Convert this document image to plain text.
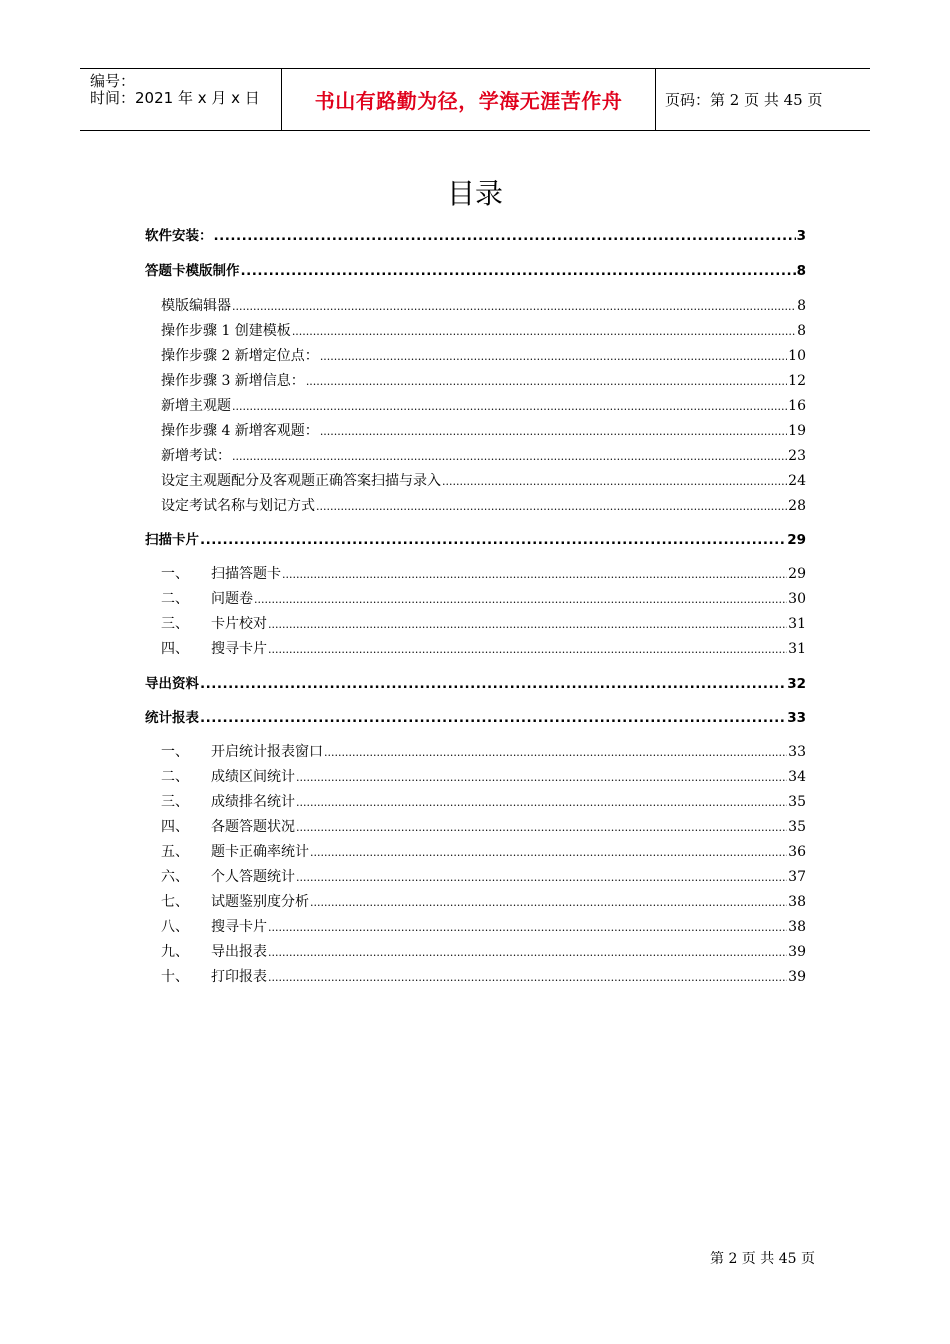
编号：
时间：2021 年 x 月 x 日	书山有路勤为径，学海无涯苦作舟	页码：第 2 页 共 45 页
目录
软件安装： .....	3
答题卡模版制作 .....	8
模版编辑器 .....	8
操作步骤 1 创建模板 .....	8
操作步骤 2 新增定位点： .....	10
操作步骤 3 新增信息： .....	12
新增主观题 .....	16
操作步骤 4 新增客观题： .....	19
新增考试： .....	23
设定主观题配分及客观题正确答案扫描与录入 .....	24
设定考试名称与划记方式 .....	28
扫描卡片 .....	29
一、	扫描答题卡 .....	29
二、	问题卷 .....	30
三、	卡片校对 .....	31
四、	搜寻卡片 .....	31
导出资料 .....	32
统计报表 .....	33
一、	开启统计报表窗口 .....	33
二、	成绩区间统计 .....	34
三、	成绩排名统计 .....	35
四、	各题答题状况 .....	35
五、	题卡正确率统计 .....	36
六、	个人答题统计 .....	37
七、	试题鉴别度分析 .....	38
八、	搜寻卡片 .....	38
九、	导出报表 .....	39
十、	打印报表 .....	39
第 2 页 共 45 页
